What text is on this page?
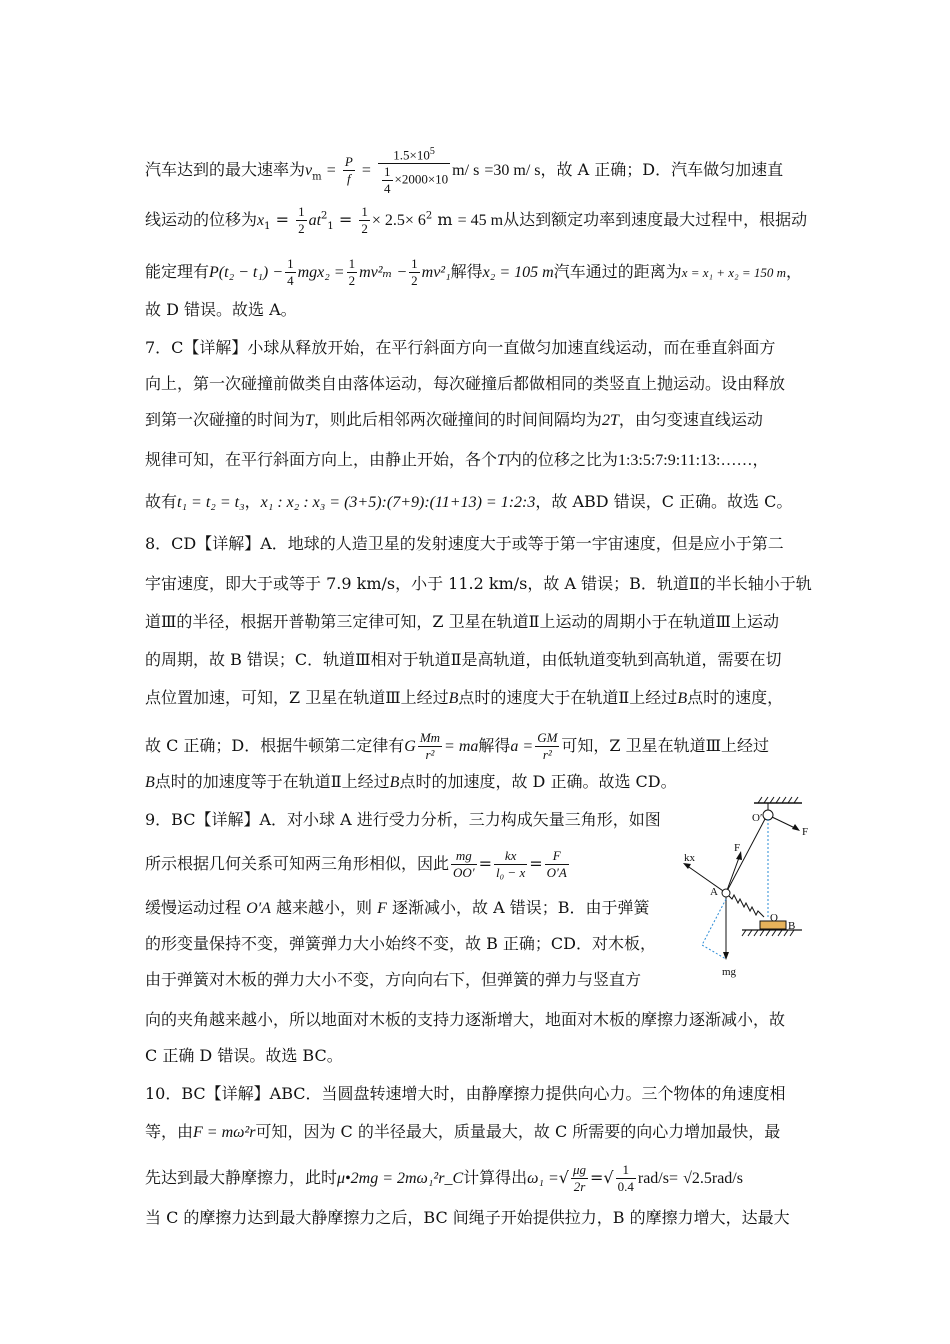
汽车达到的最大速率为$v_m = \frac{P}{f} = \frac{1.5\times 10^5}{\frac{1}{4} \times 2000\times 10} m/$ s =30 m/ s，故 A 正确；D．汽车做匀加速直
线运动的位移为$x_1 = \frac{1}{2} at^2_1 = \frac{1}{2} \times 2.5\times 6^2$ m = 45 m从达到额定功率到速度最大过程中，根据动
能定理有$P(t_2 - t_1) - \frac{1}{4} mgx_2 = \frac{1}{2} mv^2_m - \frac{1}{2} mv^2_1$解得x₂ = 105 m汽车通过的距离为x = x₁ + x₂ = 150 m，
故 D 错误。故选 A。
7．C【详解】小球从释放开始，在平行斜面方向一直做匀加速直线运动，而在垂直斜面方
向上，第一次碰撞前做类自由落体运动，每次碰撞后都做相同的类竖直上抛运动。设由释放
到第一次碰撞的时间为T，则此后相邻两次碰撞间的时间间隔均为2T，由匀变速直线运动
规律可知，在平行斜面方向上，由静止开始，各个T内的位移之比为1:3:5:7:9:11:13:……，
故有t₁ = t₂ = t₃，x₁ : x₂ : x₃ = (3+5):(7+9):(11+13) = 1:2:3，故 ABD 错误，C 正确。故选 C。
8．CD【详解】A．地球的人造卫星的发射速度大于或等于第一宇宙速度，但是应小于第二
宇宙速度，即大于或等于 7.9 km/s，小于 11.2 km/s，故 A 错误；B．轨道Ⅱ的半长轴小于轨
道Ⅲ的半径，根据开普勒第三定律可知，Z 卫星在轨道Ⅱ上运动的周期小于在轨道Ⅲ上运动
的周期，故 B 错误；C．轨道Ⅲ相对于轨道Ⅱ是高轨道，由低轨道变轨到高轨道，需要在切
点位置加速，可知，Z 卫星在轨道Ⅲ上经过B点时的速度大于在轨道Ⅱ上经过B点时的速度，
故 C 正确；D．根据牛顿第二定律有G $\frac{Mm}{\text{r²}}$ = ma解得$a = \frac{GM}{\text{r²}}$ 可知，Z 卫星在轨道Ⅲ上经过
B点时的加速度等于在轨道Ⅱ上经过B点时的加速度，故 D 正确。故选 CD。
9．BC【详解】A．对小球 A 进行受力分析，三力构成矢量三角形，如图
所示根据几何关系可知两三角形相似，因此 $\frac{mg}{OO'} = \frac{kx}{\text{l₀ − x}} = \frac{F}{O'A}$
缓慢运动过程 O′A 越来越小，则 F 逐渐减小，故 A 错误；B．由于弹簧
的形变量保持不变，弹簧弹力大小始终不变，故 B 正确；CD．对木板，
由于弹簧对木板的弹力大小不变，方向向右下，但弹簧的弹力与竖直方
向的夹角越来越小，所以地面对木板的支持力逐渐增大，地面对木板的摩擦力逐渐减小，故
C 正确 D 错误。故选 BC。
10．BC【详解】ABC．当圆盘转速增大时，由静摩擦力提供向心力。三个物体的角速度相
等，由F = mω²r可知，因为 C 的半径最大，质量最大，故 C 所需要的向心力增加最快，最
先达到最大静摩擦力，此时μ•2mg = 2mω₁²r_C计算得出ω₁ =√ $\frac{\mu g}{2r}$ =√ $\frac{1}{0.4} rad/s= √2.5rad/s$
当 C 的摩擦力达到最大静摩擦力之后，BC 间绳子开始提供拉力，B 的摩擦力增大，达最大
O′
F
F
kx
A
O
B
mg
